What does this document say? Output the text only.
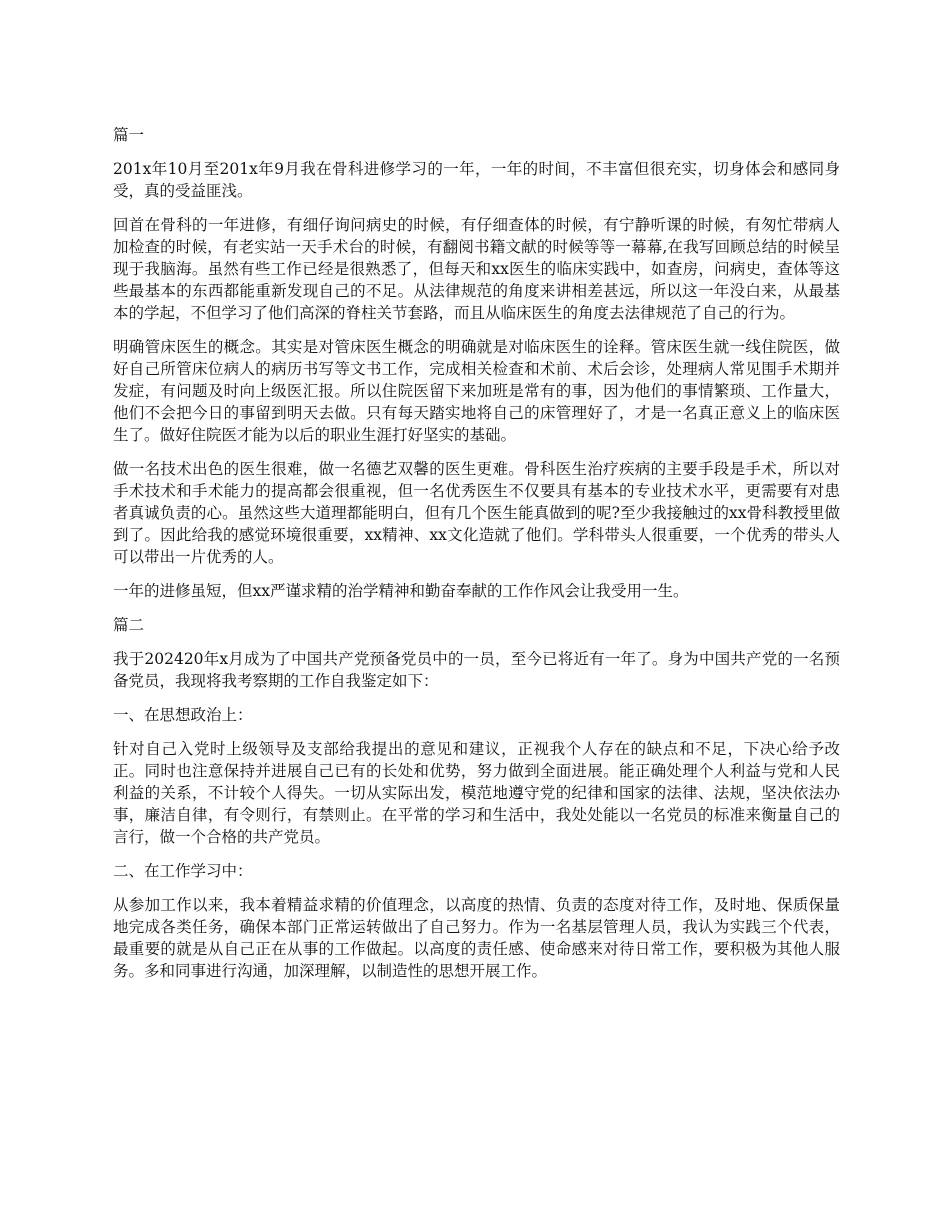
篇一

201x年10月至201x年9月我在骨科进修学习的一年，一年的时间，不丰富但很充实，切身体会和感同身受，真的受益匪浅。

回首在骨科的一年进修，有细仔询问病史的时候，有仔细查体的时候，有宁静听课的时候，有匆忙带病人加检查的时候，有老实站一天手术台的时候，有翻阅书籍文献的时候等等一幕幕,在我写回顾总结的时候呈现于我脑海。虽然有些工作已经是很熟悉了，但每天和xx医生的临床实践中，如查房，问病史，查体等这些最基本的东西都能重新发现自己的不足。从法律规范的角度来讲相差甚远，所以这一年没白来，从最基本的学起，不但学习了他们高深的脊柱关节套路，而且从临床医生的角度去法律规范了自己的行为。

明确管床医生的概念。其实是对管床医生概念的明确就是对临床医生的诠释。管床医生就一线住院医，做好自己所管床位病人的病历书写等文书工作，完成相关检查和术前、术后会诊，处理病人常见围手术期并发症，有问题及时向上级医汇报。所以住院医留下来加班是常有的事，因为他们的事情繁琐、工作量大，他们不会把今日的事留到明天去做。只有每天踏实地将自己的床管理好了，才是一名真正意义上的临床医生了。做好住院医才能为以后的职业生涯打好坚实的基础。

做一名技术出色的医生很难，做一名德艺双馨的医生更难。骨科医生治疗疾病的主要手段是手术，所以对手术技术和手术能力的提高都会很重视，但一名优秀医生不仅要具有基本的专业技术水平，更需要有对患者真诚负责的心。虽然这些大道理都能明白，但有几个医生能真做到的呢?至少我接触过的xx骨科教授里做到了。因此给我的感觉环境很重要，xx精神、xx文化造就了他们。学科带头人很重要，一个优秀的带头人可以带出一片优秀的人。

一年的进修虽短，但xx严谨求精的治学精神和勤奋奉献的工作作风会让我受用一生。

篇二

我于202420年x月成为了中国共产党预备党员中的一员，至今已将近有一年了。身为中国共产党的一名预备党员，我现将我考察期的工作自我鉴定如下：

一、在思想政治上：

针对自己入党时上级领导及支部给我提出的意见和建议，正视我个人存在的缺点和不足，下决心给予改正。同时也注意保持并进展自己已有的长处和优势，努力做到全面进展。能正确处理个人利益与党和人民利益的关系，不计较个人得失。一切从实际出发，模范地遵守党的纪律和国家的法律、法规，坚决依法办事，廉洁自律，有令则行，有禁则止。在平常的学习和生活中，我处处能以一名党员的标准来衡量自己的言行，做一个合格的共产党员。

二、在工作学习中：

从参加工作以来，我本着精益求精的价值理念，以高度的热情、负责的态度对待工作，及时地、保质保量地完成各类任务，确保本部门正常运转做出了自己努力。作为一名基层管理人员，我认为实践三个代表，最重要的就是从自己正在从事的工作做起。以高度的责任感、使命感来对待日常工作，要积极为其他人服务。多和同事进行沟通，加深理解，以制造性的思想开展工作。
